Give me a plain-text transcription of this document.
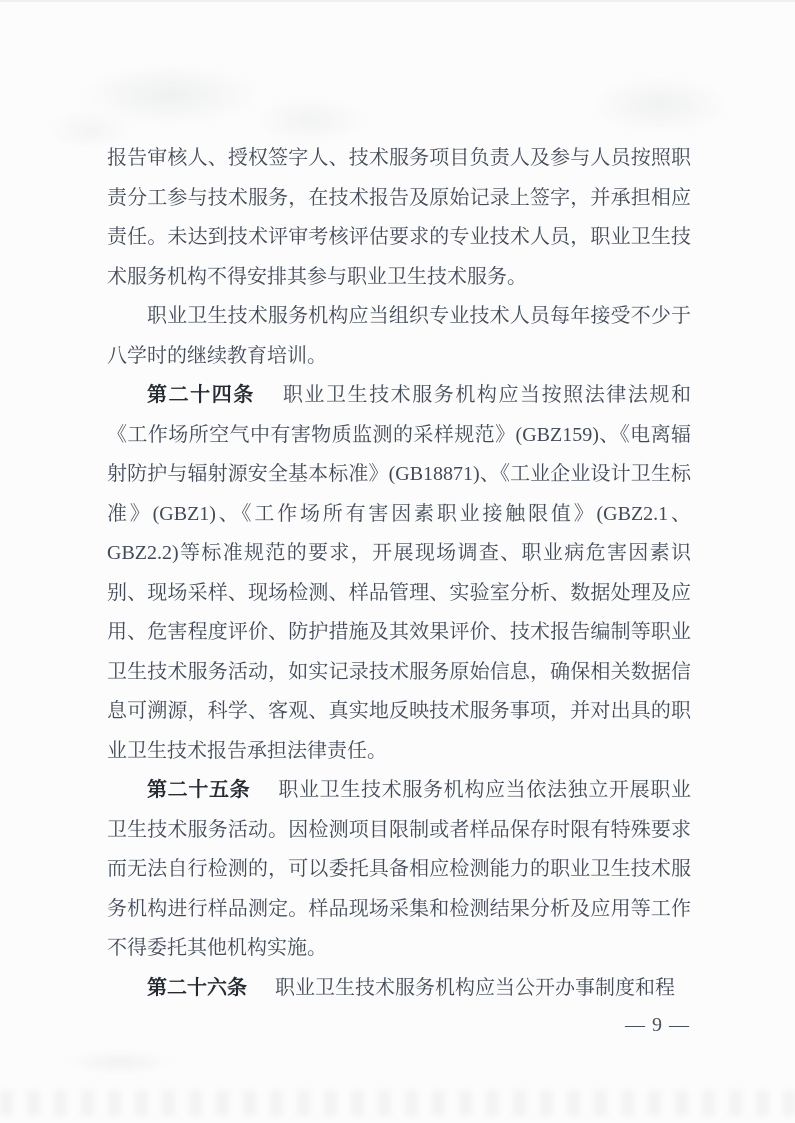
报告审核人、授权签字人、技术服务项目负责人及参与人员按照职责分工参与技术服务，在技术报告及原始记录上签字，并承担相应责任。未达到技术评审考核评估要求的专业技术人员，职业卫生技术服务机构不得安排其参与职业卫生技术服务。

职业卫生技术服务机构应当组织专业技术人员每年接受不少于八学时的继续教育培训。

第二十四条 职业卫生技术服务机构应当按照法律法规和《工作场所空气中有害物质监测的采样规范》(GBZ159)、《电离辐射防护与辐射源安全基本标准》(GB18871)、《工业企业设计卫生标准》(GBZ1)、《工作场所有害因素职业接触限值》(GBZ2.1、GBZ2.2)等标准规范的要求，开展现场调查、职业病危害因素识别、现场采样、现场检测、样品管理、实验室分析、数据处理及应用、危害程度评价、防护措施及其效果评价、技术报告编制等职业卫生技术服务活动，如实记录技术服务原始信息，确保相关数据信息可溯源，科学、客观、真实地反映技术服务事项，并对出具的职业卫生技术报告承担法律责任。

第二十五条 职业卫生技术服务机构应当依法独立开展职业卫生技术服务活动。因检测项目限制或者样品保存时限有特殊要求而无法自行检测的，可以委托具备相应检测能力的职业卫生技术服务机构进行样品测定。样品现场采集和检测结果分析及应用等工作不得委托其他机构实施。

第二十六条 职业卫生技术服务机构应当公开办事制度和程

— 9 —
